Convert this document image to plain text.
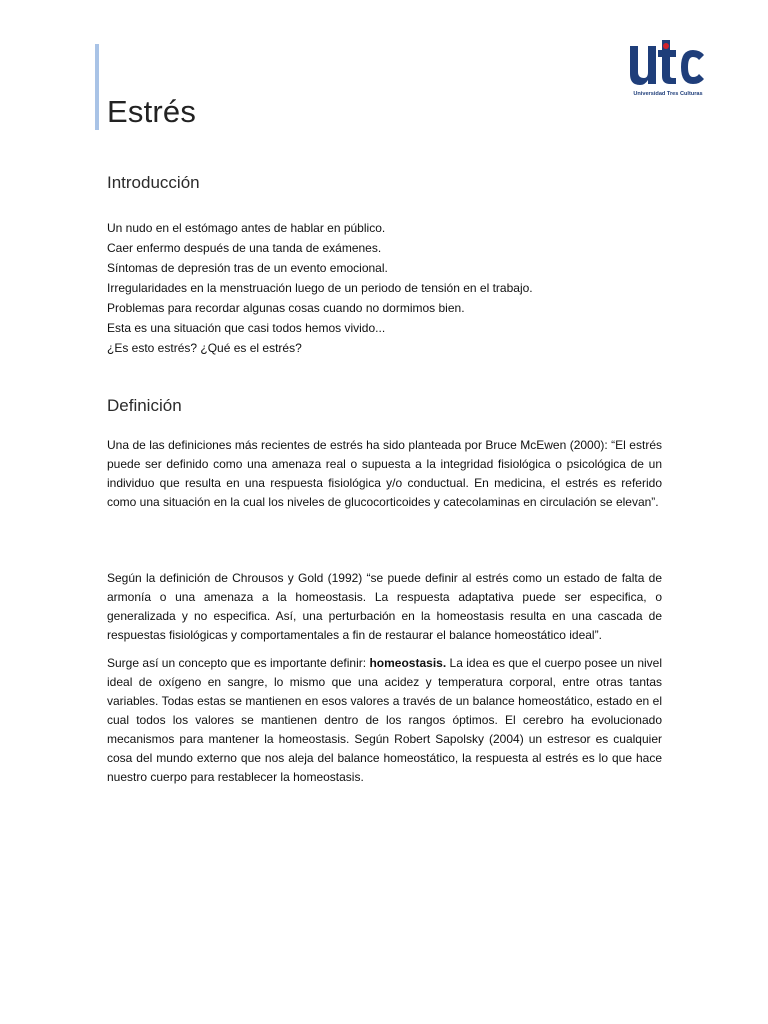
Estrés	Universidad Tres Culturas
Introducción
Un nudo en el estómago antes de hablar en público.
Caer enfermo después de una tanda de exámenes.
Síntomas de depresión tras de un evento emocional.
Irregularidades en la menstruación luego de un periodo de tensión en el trabajo.
Problemas para recordar algunas cosas cuando no dormimos bien.
Esta es una situación que casi todos hemos vivido...
¿Es esto estrés? ¿Qué es el estrés?
Definición

Una de las definiciones más recientes de estrés ha sido planteada por Bruce McEwen (2000): “El estrés puede ser definido como una amenaza real o supuesta a la integridad fisiológica o psicológica de un individuo que resulta en una respuesta fisiológica y/o conductual. En medicina, el estrés es referido como una situación en la cual los niveles de glucocorticoides y catecolaminas en circulación se elevan”.

Según la definición de Chrousos y Gold (1992) “se puede definir al estrés como un estado de falta de armonía o una amenaza a la homeostasis. La respuesta adaptativa puede ser especifica, o generalizada y no especifica. Así, una perturbación en la homeostasis resulta en una cascada de respuestas fisiológicas y comportamentales a fin de restaurar el balance homeostático ideal”.

Surge así un concepto que es importante definir: homeostasis. La idea es que el cuerpo posee un nivel ideal de oxígeno en sangre, lo mismo que una acidez y temperatura corporal, entre otras tantas variables. Todas estas se mantienen en esos valores a través de un balance homeostático, estado en el cual todos los valores se mantienen dentro de los rangos óptimos. El cerebro ha evolucionado mecanismos para mantener la homeostasis. Según Robert Sapolsky (2004) un estresor es cualquier cosa del mundo externo que nos aleja del balance homeostático, la respuesta al estrés es lo que hace nuestro cuerpo para restablecer la homeostasis.
